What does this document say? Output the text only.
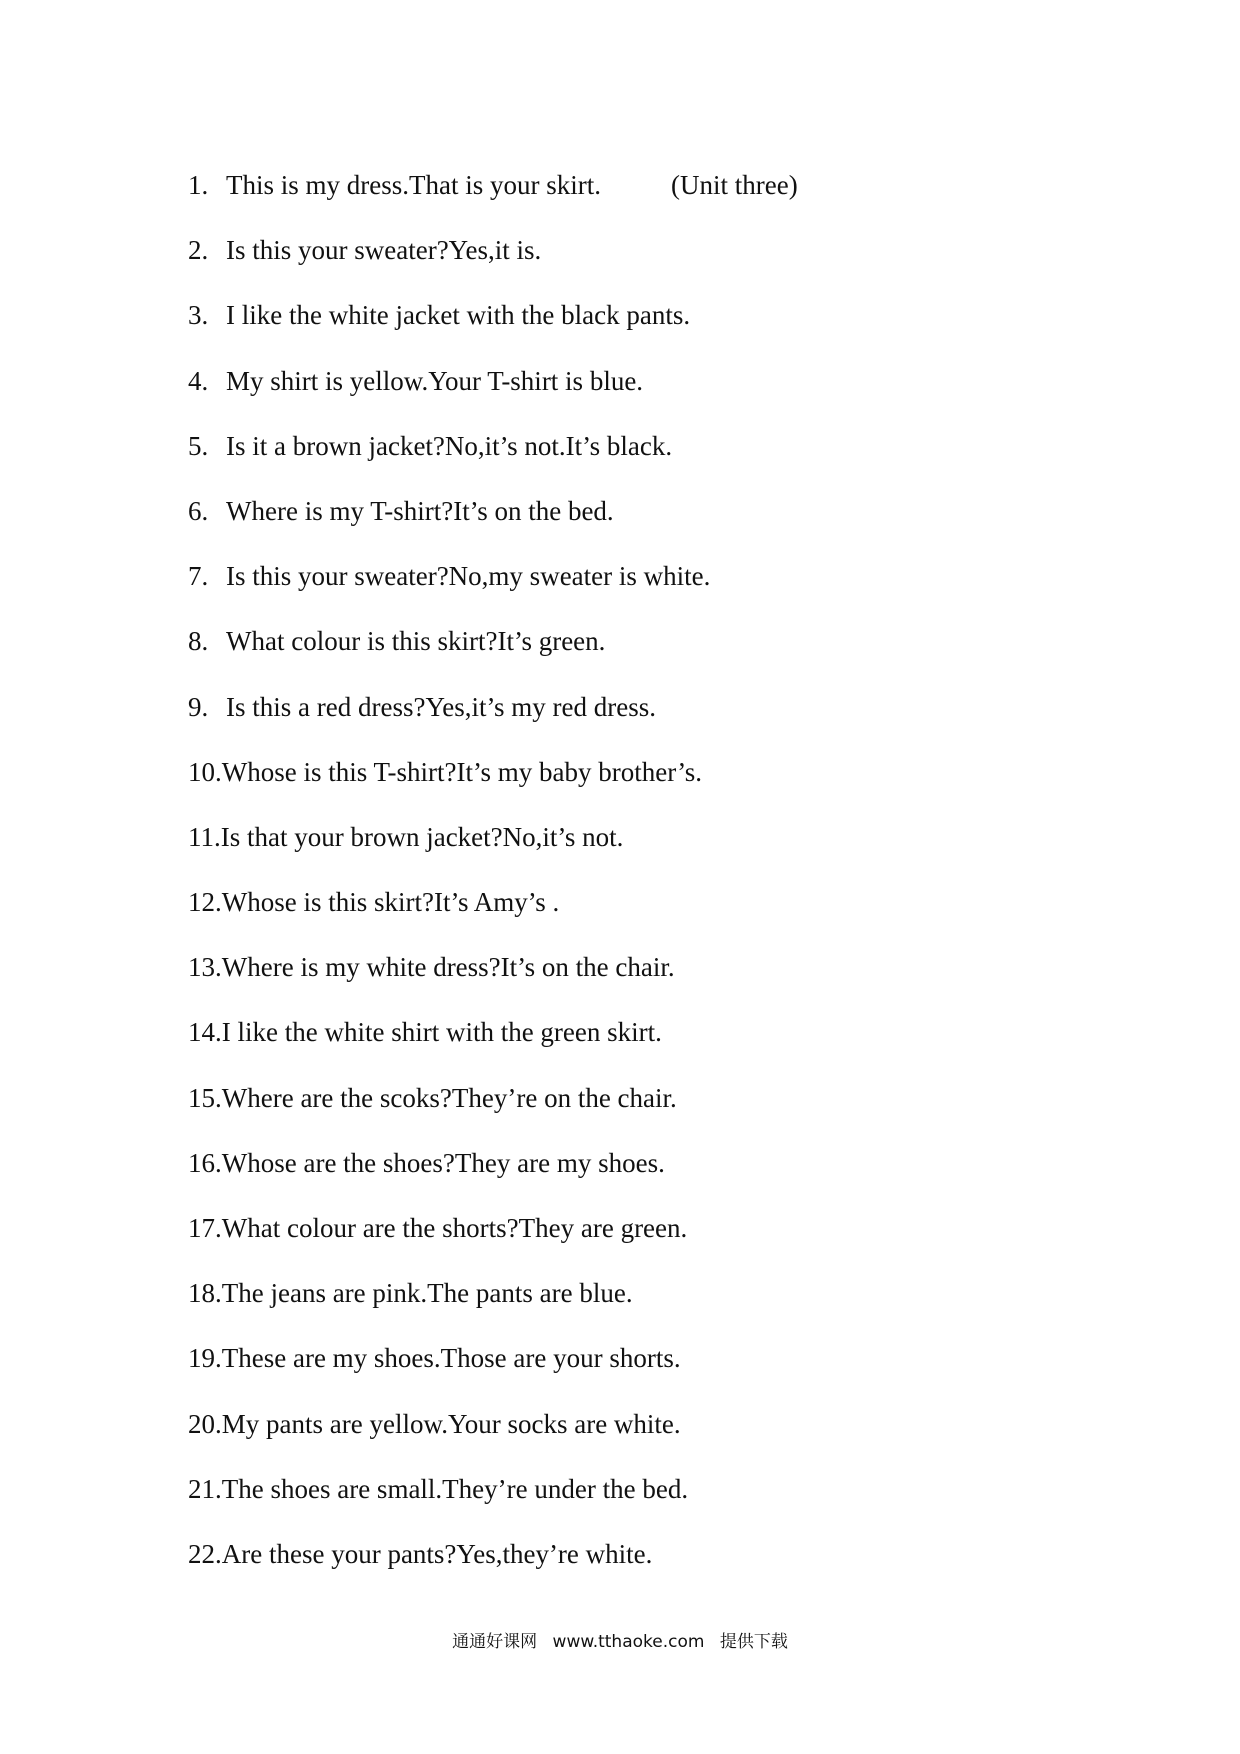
1. This is my dress.That is your skirt.	(Unit three)
2. Is this your sweater?Yes,it is.
3. I like the white jacket with the black pants.
4. My shirt is yellow.Your T-shirt is blue.
5. Is it a brown jacket?No,it’s not.It’s black.
6. Where is my T-shirt?It’s on the bed.
7. Is this your sweater?No,my sweater is white.
8. What colour is this skirt?It’s green.
9. Is this a red dress?Yes,it’s my red dress.
10. Whose is this T-shirt?It’s my baby brother’s.
11. Is that your brown jacket?No,it’s not.
12. Whose is this skirt?It’s Amy’s .
13. Where is my white dress?It’s on the chair.
14. I like the white shirt with the green skirt.
15. Where are the scoks?They’re on the chair.
16. Whose are the shoes?They are my shoes.
17. What colour are the shorts?They are green.
18. The jeans are pink.The pants are blue.
19. These are my shoes.Those are your shorts.
20. My pants are yellow.Your socks are white.
21. The shoes are small.They’re under the bed.
22. Are these your pants?Yes,they’re white.
通通好课网 www.tthaoke.com 提供下载
